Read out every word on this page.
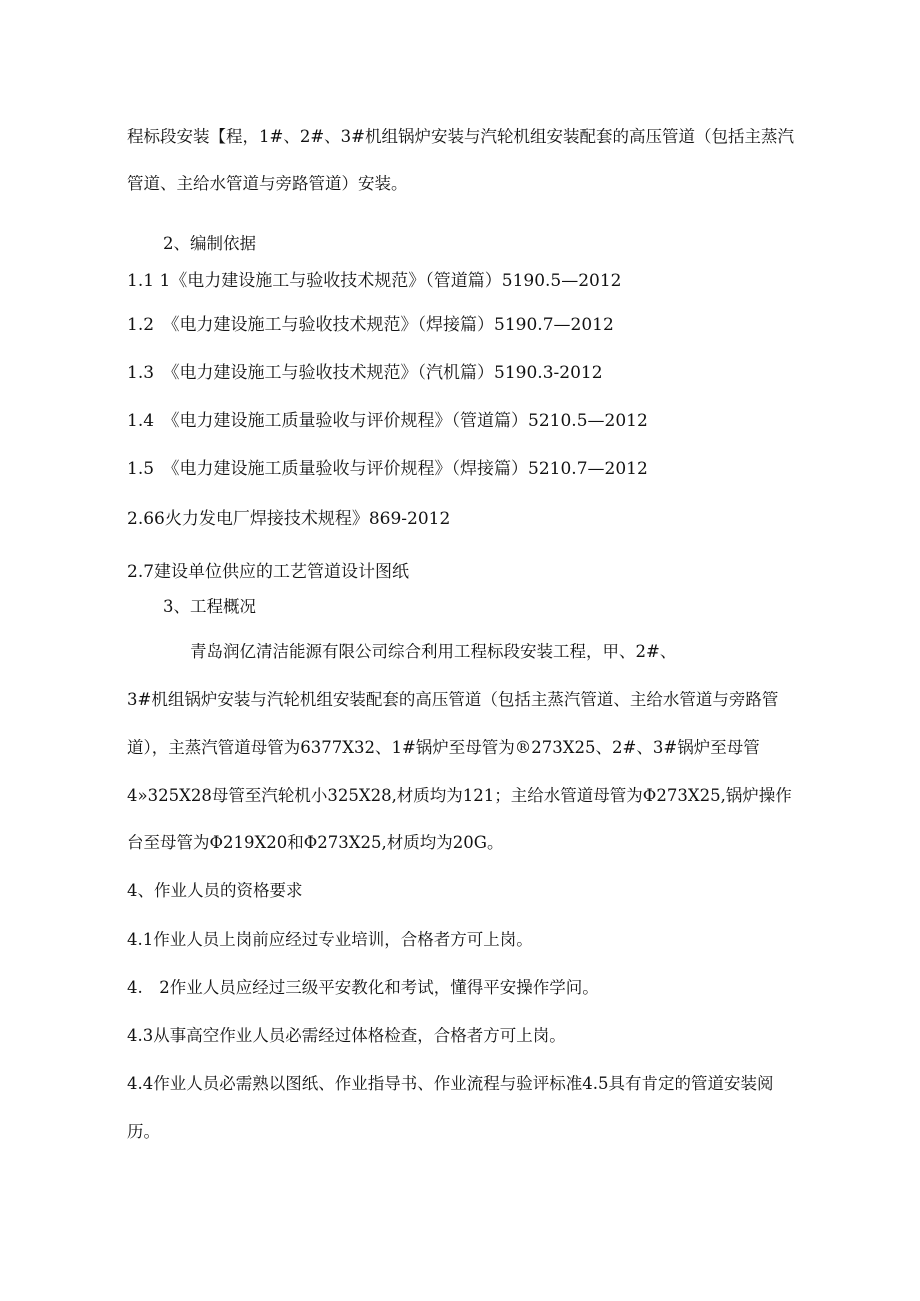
程标段安装【程，1#、2#、3#机组锅炉安装与汽轮机组安装配套的高压管道（包括主蒸汽

管道、主给水管道与旁路管道）安装。

2、编制依据

1.1 1《电力建设施工与验收技术规范》（管道篇）5190.5—2012

1.2　《电力建设施工与验收技术规范》（焊接篇）5190.7—2012

1.3　《电力建设施工与验收技术规范》（汽机篇）5190.3-2012

1.4　《电力建设施工质量验收与评价规程》（管道篇）5210.5—2012

1.5　《电力建设施工质量验收与评价规程》（焊接篇）5210.7—2012

2.66火力发电厂焊接技术规程》869-2012

2.7建设单位供应的工艺管道设计图纸

3、工程概况

青岛润亿清洁能源有限公司综合利用工程标段安装工程，甲、2#、

3#机组锅炉安装与汽轮机组安装配套的高压管道（包括主蒸汽管道、主给水管道与旁路管

道），主蒸汽管道母管为6377X32、1#锅炉至母管为®273X25、2#、3#锅炉至母管

4»325X28母管至汽轮机小325X28,材质均为121；主给水管道母管为Φ273X25,锅炉操作

台至母管为Φ219X20和Φ273X25,材质均为20G。

4、作业人员的资格要求

4.1作业人员上岗前应经过专业培训，合格者方可上岗。

4.　2作业人员应经过三级平安教化和考试，懂得平安操作学问。

4.3从事高空作业人员必需经过体格检查，合格者方可上岗。

4.4作业人员必需熟以图纸、作业指导书、作业流程与验评标准4.5具有肯定的管道安装阅

历。
